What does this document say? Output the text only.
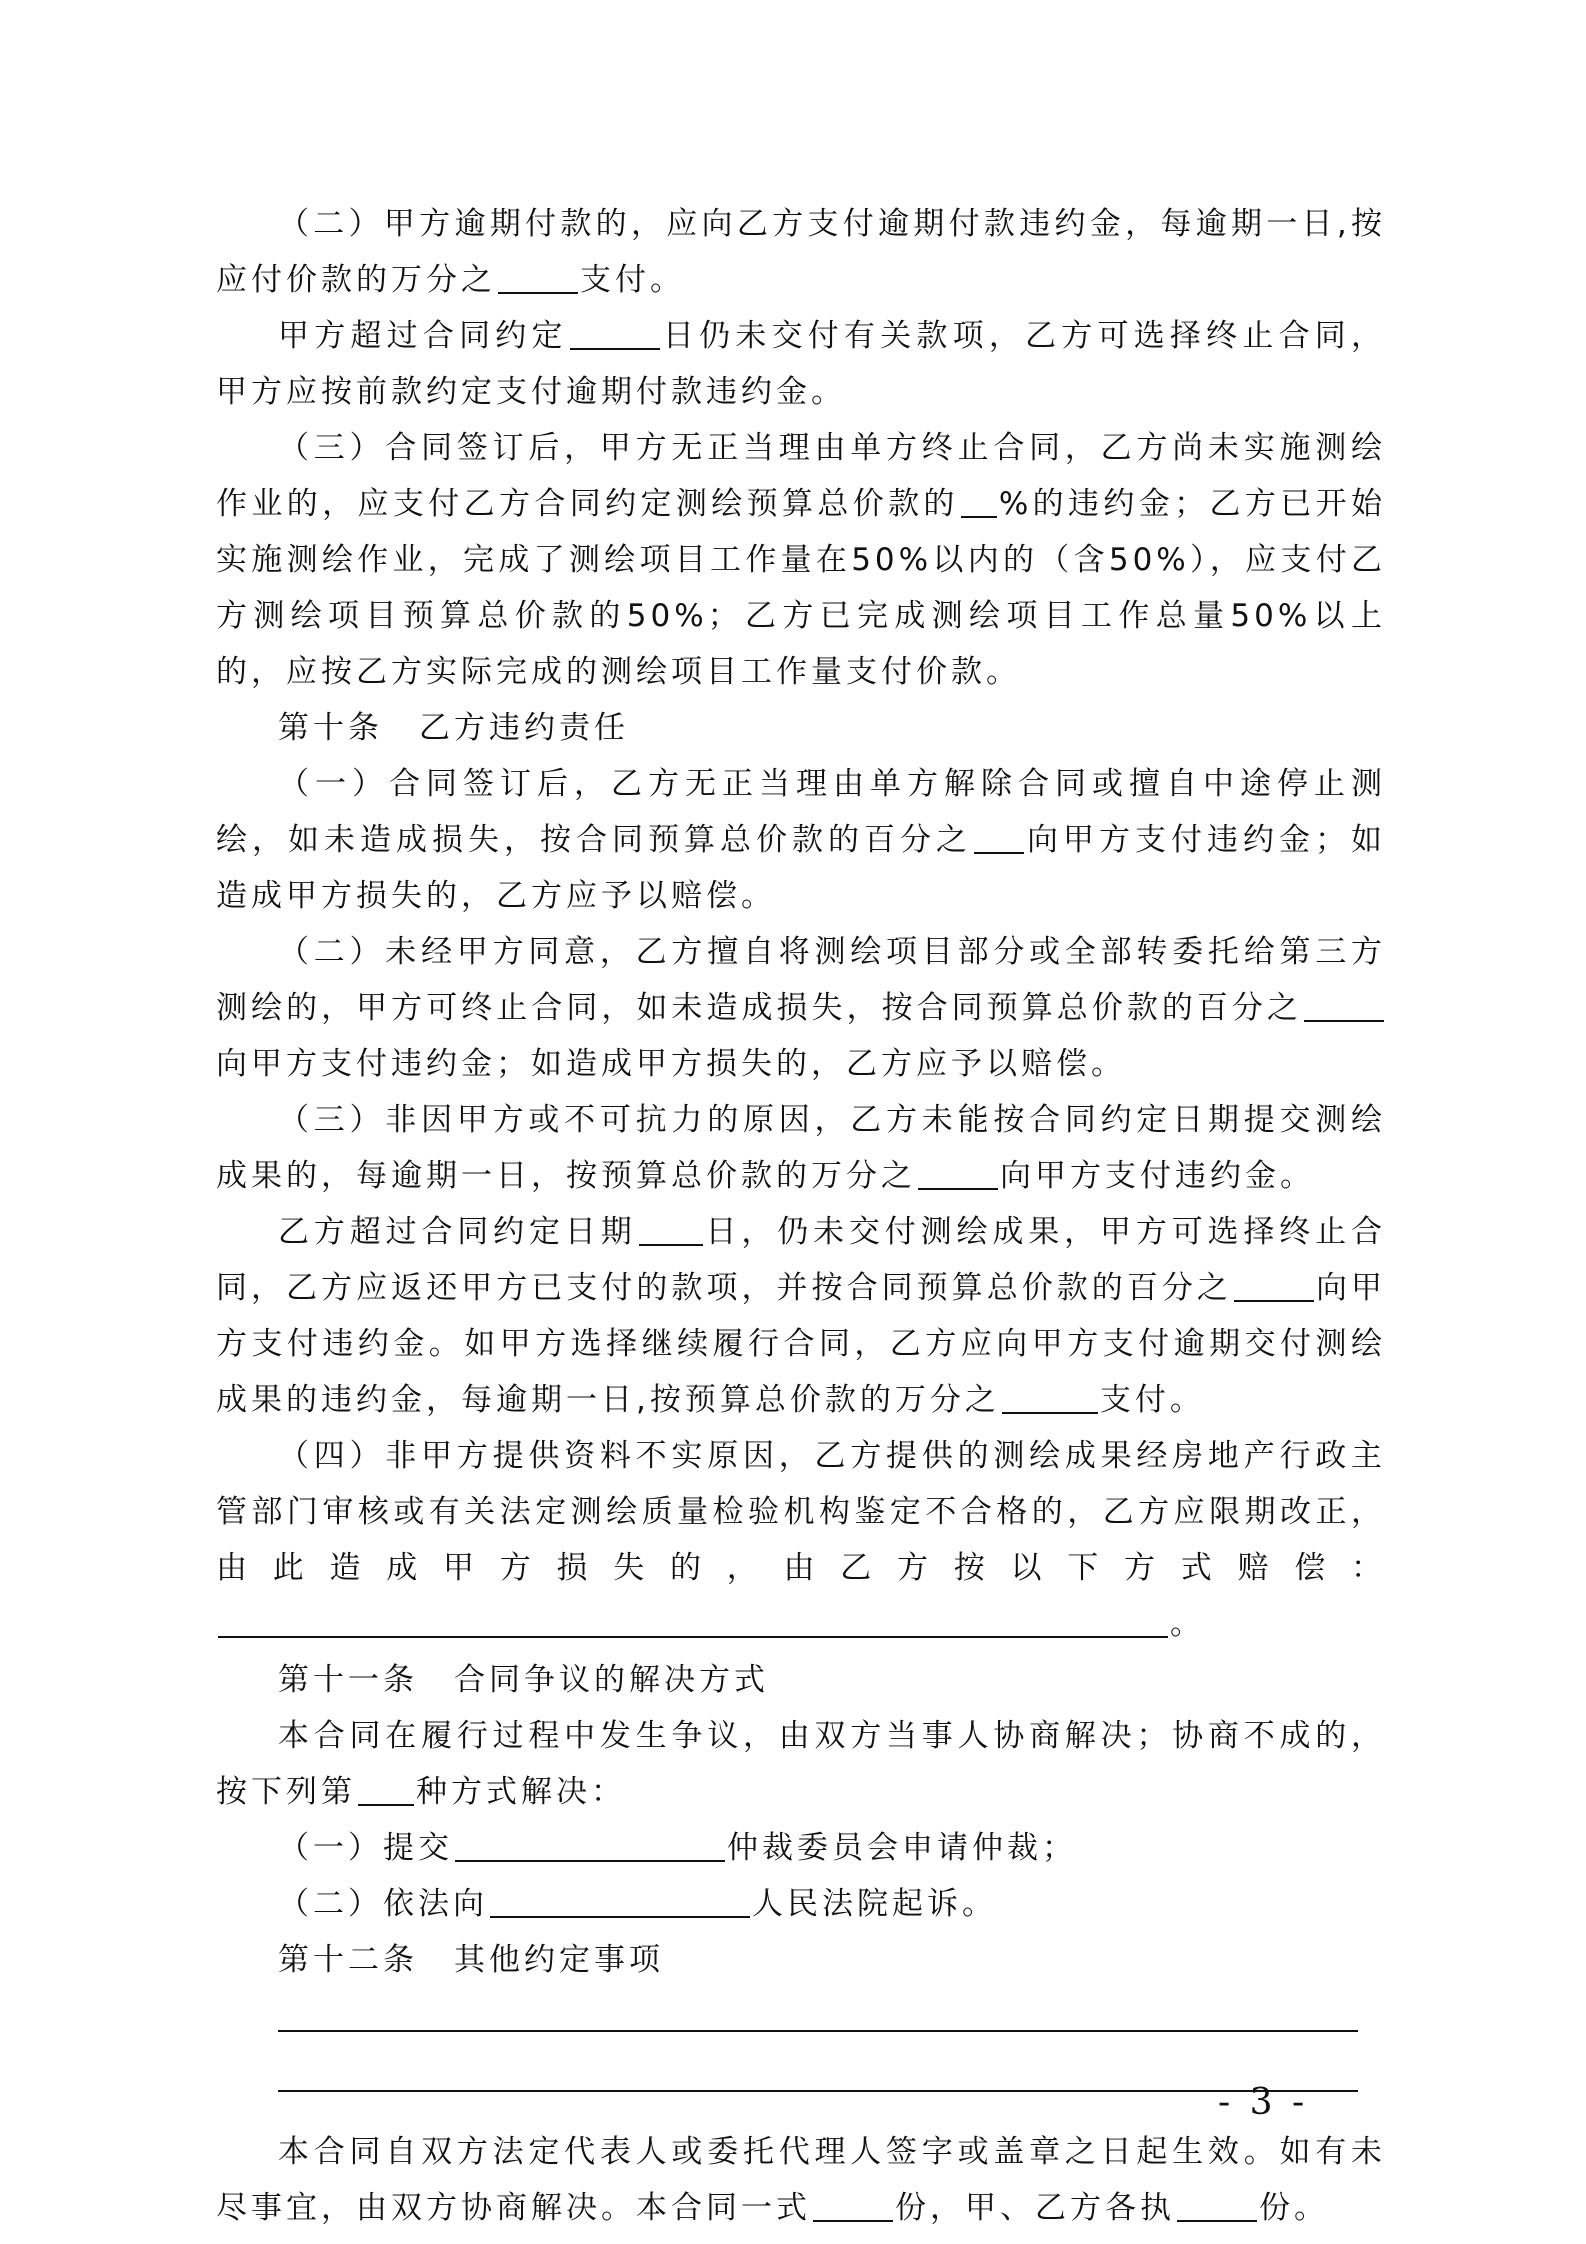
（二）甲方逾期付款的，应向乙方支付逾期付款违约金，每逾期一日,按应付价款的万分之	支付。

甲方超过合同约定	日仍未交付有关款项，乙方可选择终止合同，甲方应按前款约定支付逾期付款违约金。

（三）合同签订后，甲方无正当理由单方终止合同，乙方尚未实施测绘作业的，应支付乙方合同约定测绘预算总价款的 %的违约金；乙方已开始实施测绘作业，完成了测绘项目工作量在50%以内的（含50%），应支付乙方测绘项目预算总价款的50%；乙方已完成测绘项目工作总量50%以上的，应按乙方实际完成的测绘项目工作量支付价款。

第十条 乙方违约责任

（一）合同签订后，乙方无正当理由单方解除合同或擅自中途停止测绘，如未造成损失，按合同预算总价款的百分之 向甲方支付违约金；如造成甲方损失的，乙方应予以赔偿。

（二）未经甲方同意，乙方擅自将测绘项目部分或全部转委托给第三方测绘的，甲方可终止合同，如未造成损失，按合同预算总价款的百分之向甲方支付违约金；如造成甲方损失的，乙方应予以赔偿。

（三）非因甲方或不可抗力的原因，乙方未能按合同约定日期提交测绘成果的，每逾期一日，按预算总价款的万分之	向甲方支付违约金。

乙方超过合同约定日期 日，仍未交付测绘成果，甲方可选择终止合同，乙方应返还甲方已支付的款项，并按合同预算总价款的百分之	向甲方支付违约金。如甲方选择继续履行合同，乙方应向甲方支付逾期交付测绘成果的违约金，每逾期一日,按预算总价款的万分之	支付。

（四）非甲方提供资料不实原因，乙方提供的测绘成果经房地产行政主管部门审核或有关法定测绘质量检验机构鉴定不合格的，乙方应限期改正，由此造成甲方损失的，由乙方按以下方式赔偿：。

第十一条 合同争议的解决方式

本合同在履行过程中发生争议，由双方当事人协商解决；协商不成的，按下列第 种方式解决：

（一）提交	仲裁委员会申请仲裁；

（二）依法向	人民法院起诉。

第十二条 其他约定事项

本合同自双方法定代表人或委托代理人签字或盖章之日起生效。如有未尽事宜，由双方协商解决。本合同一式	份，甲、乙方各执	份。

- 3 -
